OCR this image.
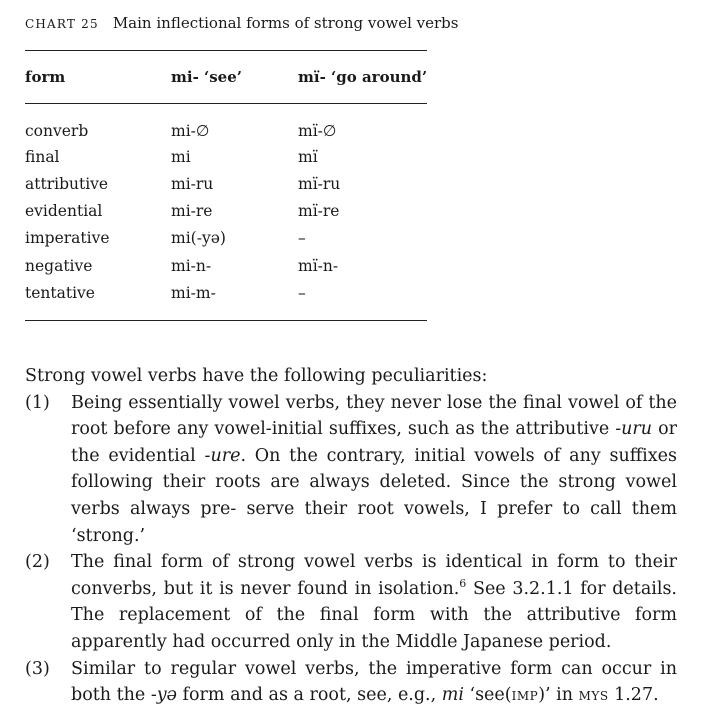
CHART 25 Main inflectional forms of strong vowel verbs
form	mi- ‘see’	mï- ‘go around’
converb	mi-∅	mï-∅
final	mi	mï
attributive	mi-ru	mï-ru
evidential	mi-re	mï-re
imperative	mi(-yə)	–
negative	mi-n-	mï-n-
tentative	mi-m-	–
Strong vowel verbs have the following peculiarities:
(1) Being essentially vowel verbs, they never lose the final vowel of the root before any vowel-initial suffixes, such as the attributive -uru or the evidential -ure. On the contrary, initial vowels of any suffixes following their roots are always deleted. Since the strong vowel verbs always pre- serve their root vowels, I prefer to call them ‘strong.’
(2) The final form of strong vowel verbs is identical in form to their converbs, but it is never found in isolation.$^6$ See 3.2.1.1 for details. The replacement of the final form with the attributive form apparently had occurred only in the Middle Japanese period.
(3) Similar to regular vowel verbs, the imperative form can occur in both the -yə form and as a root, see, e.g., mi ‘see(imp)’ in mys 1.27.
